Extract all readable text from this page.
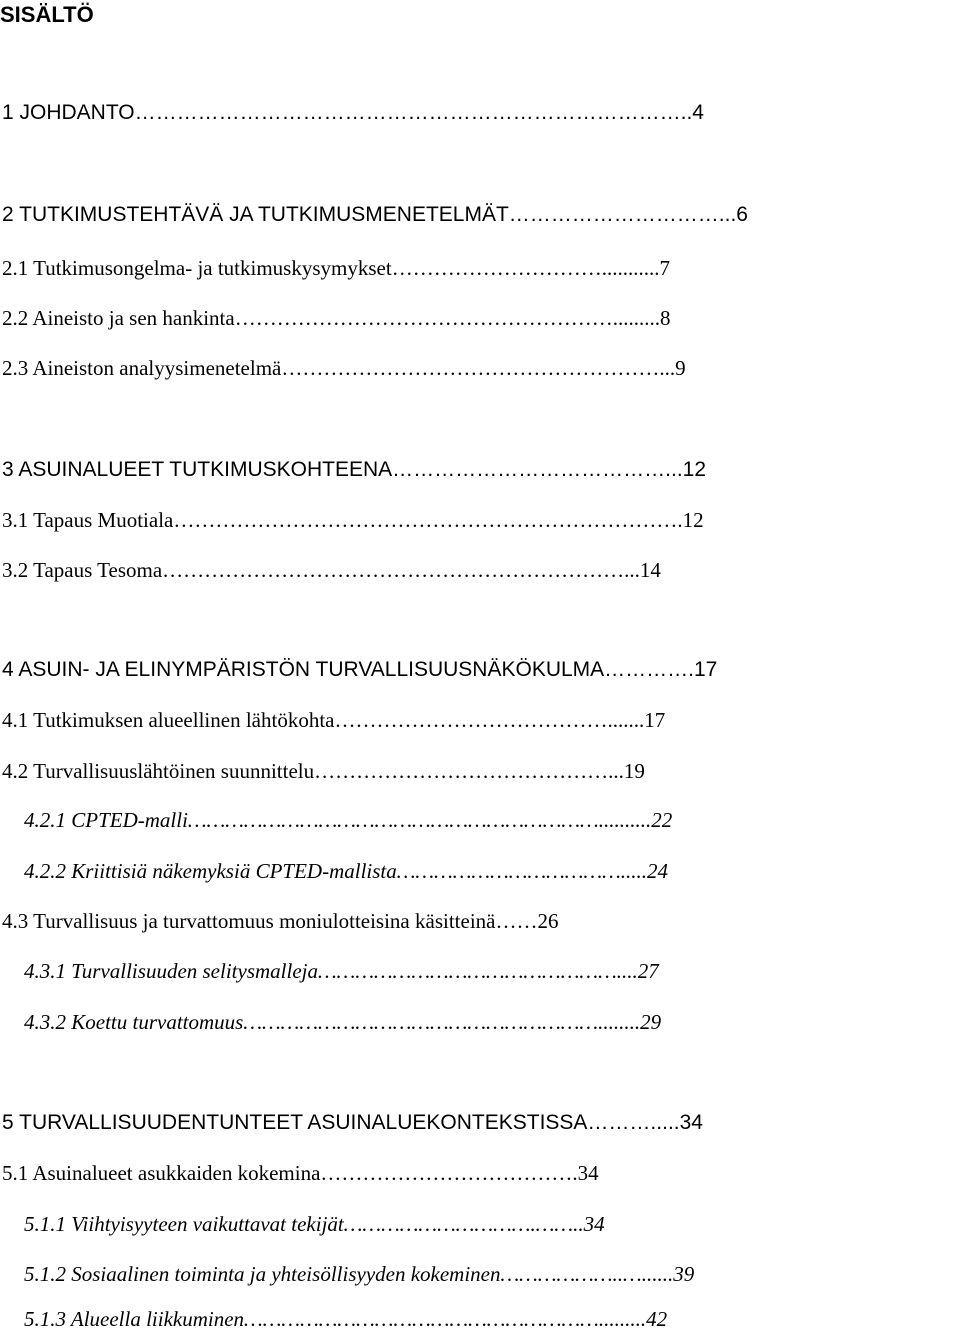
SISÄLTÖ
1 JOHDANTO……………………………………………………………………..4
2 TUTKIMUSTEHTÄVÄ JA TUTKIMUSMENETELMÄT…………………………...6
2.1 Tutkimusongelma- ja tutkimuskysymykset…………………………...........7
2.2 Aineisto ja sen hankinta……………………………………………….........8
2.3 Aineiston analyysimenetelmä………………………………………………...9
3 ASUINALUEET TUTKIMUSKOHTEENA…………………………………...12
3.1 Tapaus Muotiala……………………………………………………………….12
3.2 Tapaus Tesoma…………………………………………………………...14
4 ASUIN- JA ELINYMPÄRISTÖN TURVALLISUUSNÄKÖKULMA………….17
4.1 Tutkimuksen alueellinen lähtökohta………………………………….......17
4.2 Turvallisuuslähtöinen suunnittelu……………………………………...19
4.2.1 CPTED-malli…………………………………………………………..........22
4.2.2 Kriittisiä näkemyksiä CPTED-mallista……………………………….....24
4.3 Turvallisuus ja turvattomuus moniulotteisina käsitteinä……26
4.3.1 Turvallisuuden selitysmalleja…………………………………………....27
4.3.2 Koettu turvattomuus…………………………………………………........29
5 TURVALLISUUDENTUNTEET ASUINALUEKONTEKSTISSA……….....34
5.1 Asuinalueet asukkaiden kokemina……………………………….34
5.1.1 Viihtyisyyteen vaikuttavat tekijät………………………….……..34
5.1.2 Sosiaalinen toiminta ja yhteisöllisyyden kokeminen………………..…......39
5.1.3 Alueella liikkuminen………………………………………………….........42
